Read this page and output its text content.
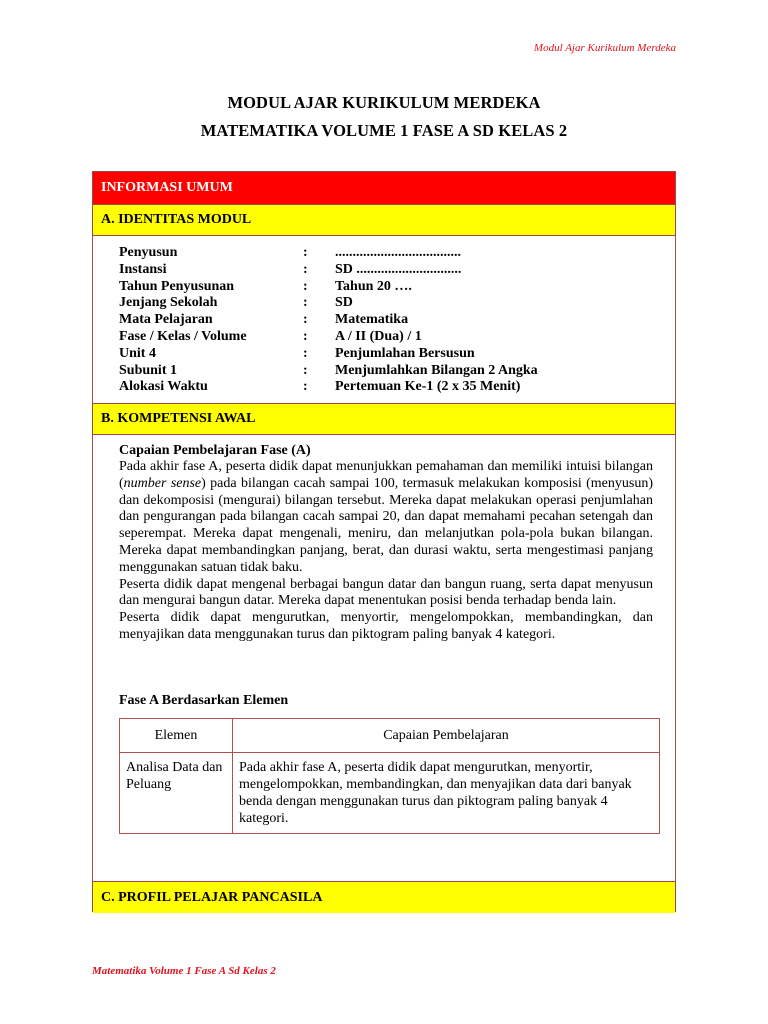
Modul Ajar Kurikulum Merdeka
MODUL AJAR KURIKULUM MERDEKA
MATEMATIKA VOLUME 1 FASE A SD KELAS 2
INFORMASI UMUM
A. IDENTITAS MODUL
Penyusun	:	....................................
Instansi	:	SD ..............................
Tahun Penyusunan	:	Tahun 20 ….
Jenjang Sekolah	:	SD
Mata Pelajaran	:	Matematika
Fase / Kelas / Volume	:	A / II (Dua) / 1
Unit 4	:	Penjumlahan Bersusun
Subunit 1	:	Menjumlahkan Bilangan 2 Angka
Alokasi Waktu	:	Pertemuan Ke-1 (2 x 35 Menit)
B. KOMPETENSI AWAL
Capaian Pembelajaran Fase (A)

Pada akhir fase A, peserta didik dapat menunjukkan pemahaman dan memiliki intuisi bilangan (number sense) pada bilangan cacah sampai 100, termasuk melakukan komposisi (menyusun) dan dekomposisi (mengurai) bilangan tersebut. Mereka dapat melakukan operasi penjumlahan dan pengurangan pada bilangan cacah sampai 20, dan dapat memahami pecahan setengah dan seperempat. Mereka dapat mengenali, meniru, dan melanjutkan pola-pola bukan bilangan. Mereka dapat membandingkan panjang, berat, dan durasi waktu, serta mengestimasi panjang menggunakan satuan tidak baku.

Peserta didik dapat mengenal berbagai bangun datar dan bangun ruang, serta dapat menyusun dan mengurai bangun datar. Mereka dapat menentukan posisi benda terhadap benda lain.

Peserta didik dapat mengurutkan, menyortir, mengelompokkan, membandingkan, dan menyajikan data menggunakan turus dan piktogram paling banyak 4 kategori.

Fase A Berdasarkan Elemen
Elemen	Capaian Pembelajaran
Analisa Data dan Peluang	Pada akhir fase A, peserta didik dapat mengurutkan, menyortir, mengelompokkan, membandingkan, dan menyajikan data dari banyak benda dengan menggunakan turus dan piktogram paling banyak 4 kategori.
C. PROFIL PELAJAR PANCASILA
Matematika Volume 1 Fase A Sd Kelas 2
